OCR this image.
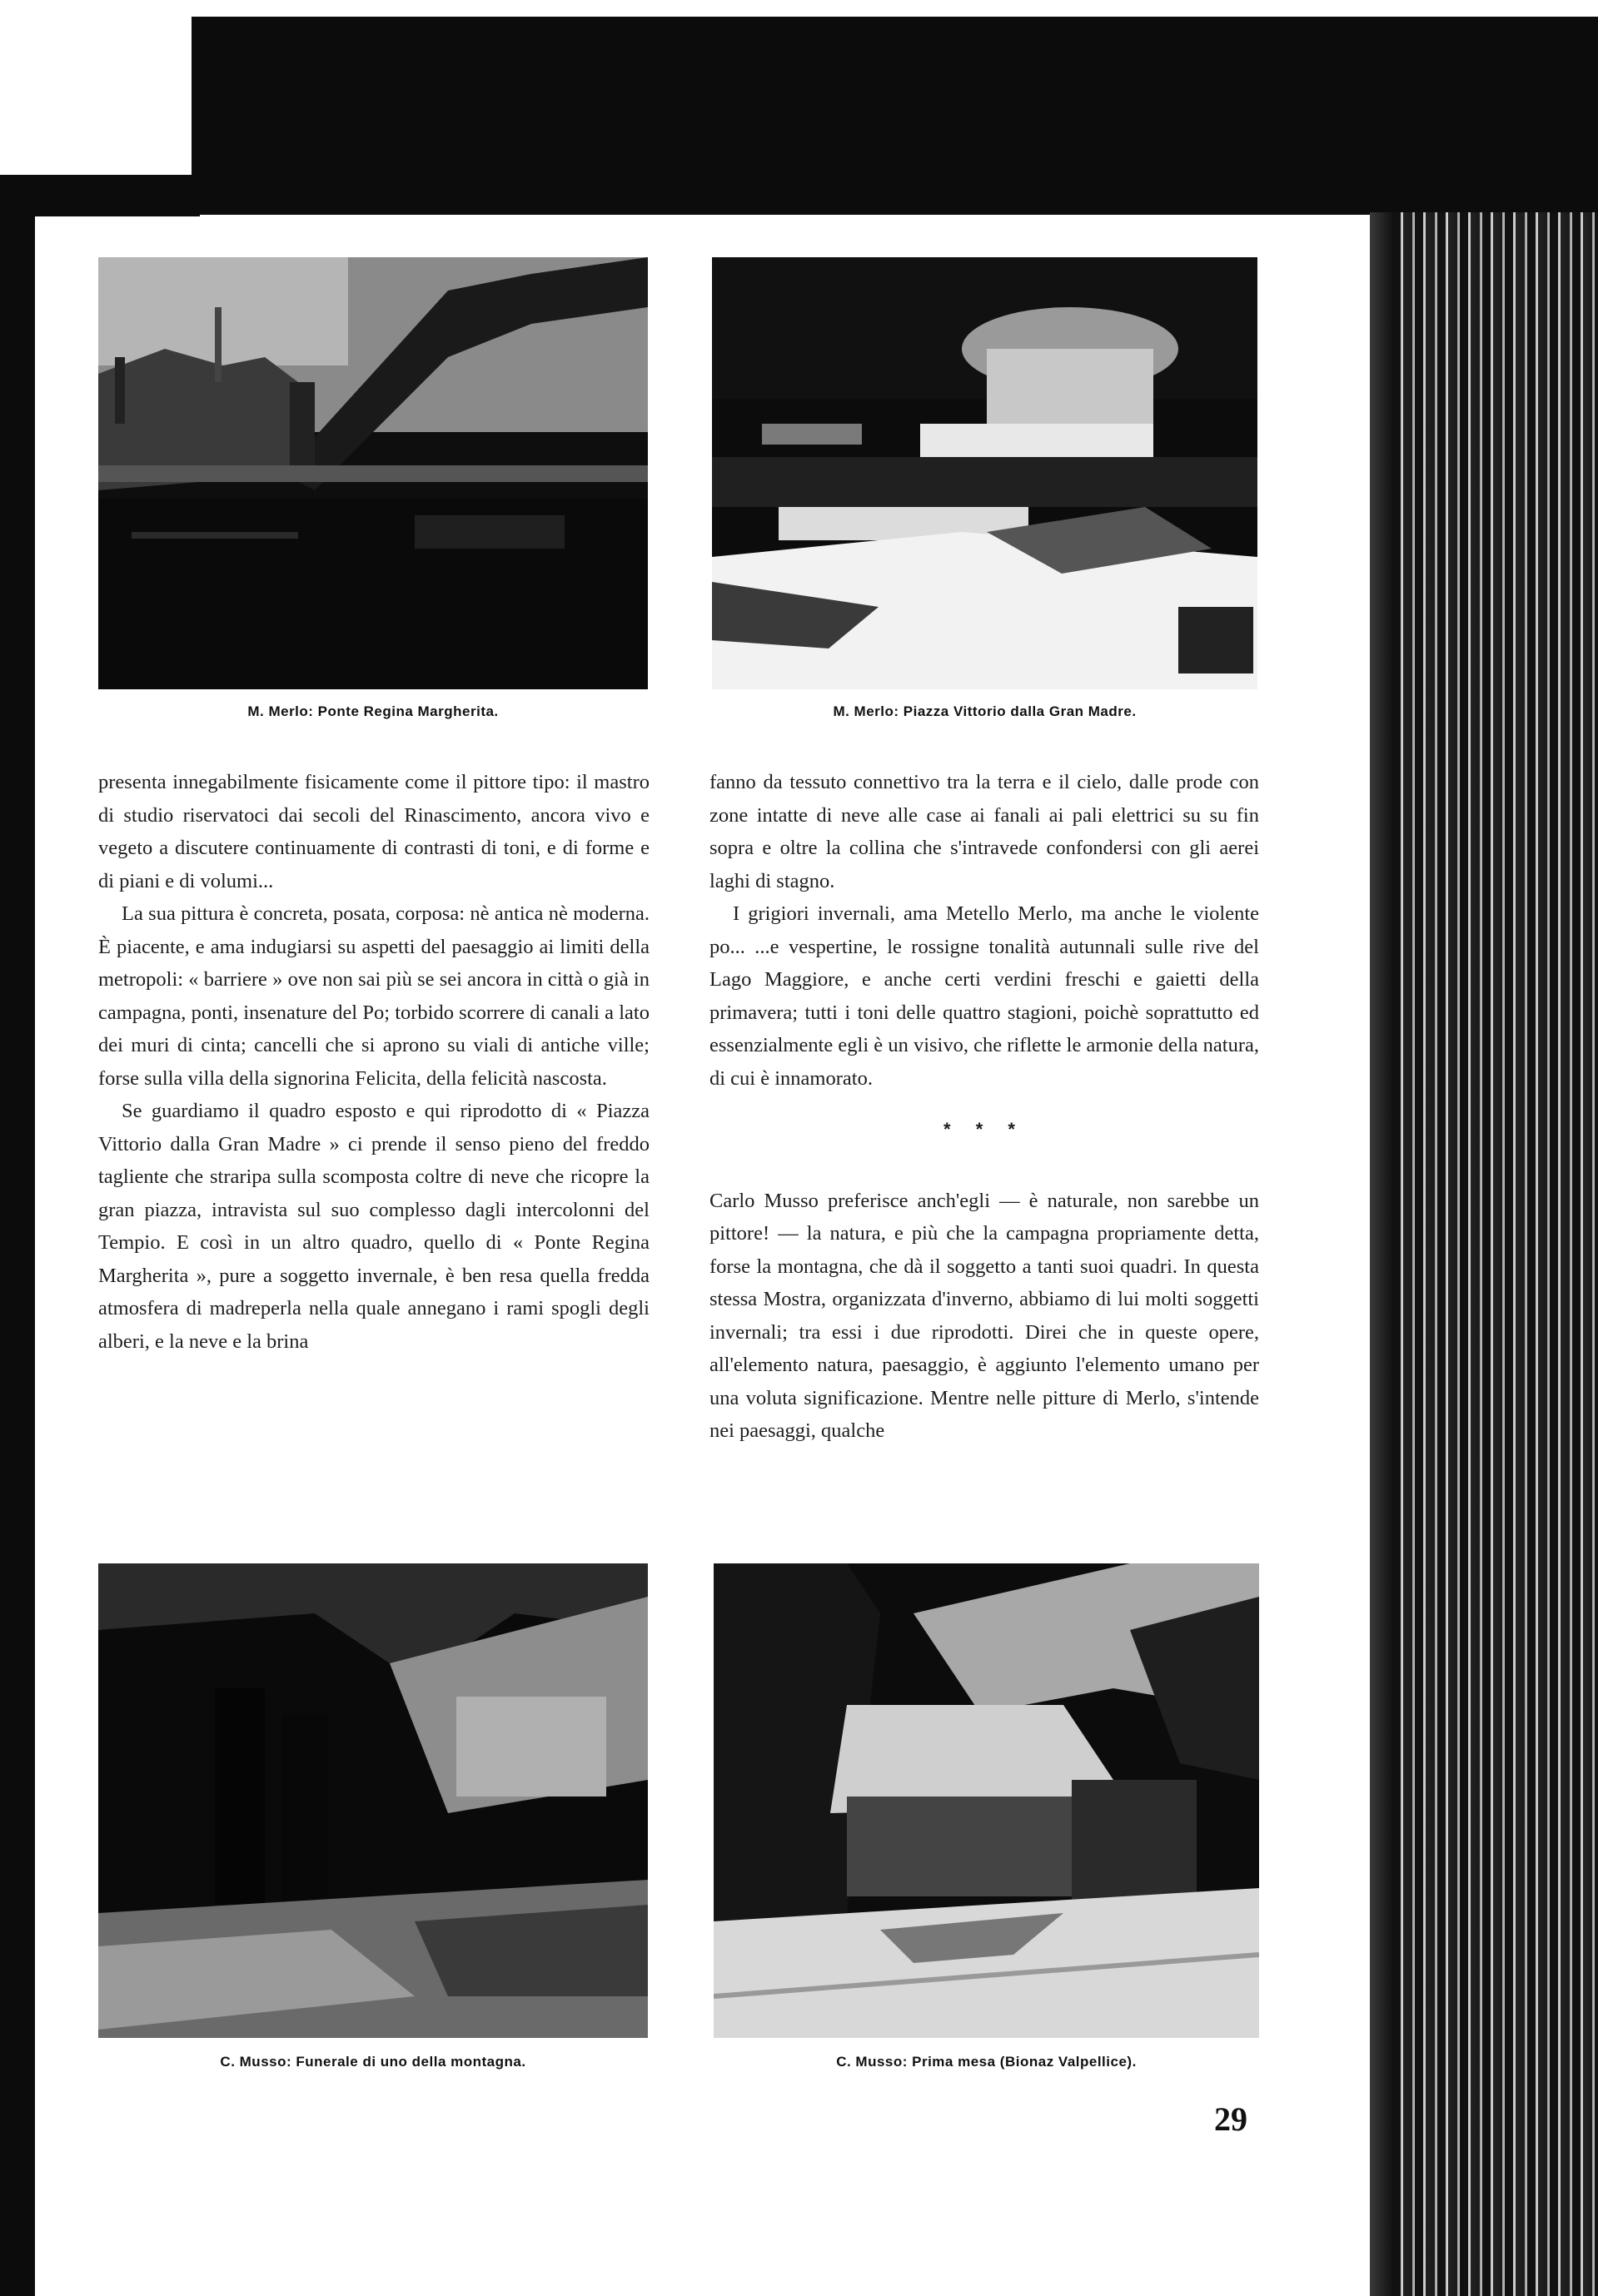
M. Merlo: Ponte Regina Margherita.	M. Merlo: Piazza Vittorio dalla Gran Madre.

presenta innegabilmente fisicamente come il pittore tipo: il mastro di studio riservatoci dai secoli del Rinascimento, ancora vivo e vegeto a discutere continuamente di contrasti di toni, e di forme e di piani e di volumi...

La sua pittura è concreta, posata, corposa: nè antica nè moderna. È piacente, e ama indugiarsi su aspetti del paesaggio ai limiti della metropoli: « barriere » ove non sai più se sei ancora in città o già in campagna, ponti, insenature del Po; torbido scorrere di canali a lato dei muri di cinta; cancelli che si aprono su viali di antiche ville; forse sulla villa della signorina Felicita, della felicità nascosta.

Se guardiamo il quadro esposto e qui riprodotto di « Piazza Vittorio dalla Gran Madre » ci prende il senso pieno del freddo tagliente che straripa sulla scomposta coltre di neve che ricopre la gran piazza, intravista sul suo complesso dagli intercolonni del Tempio. E così in un altro quadro, quello di « Ponte Regina Margherita », pure a soggetto invernale, è ben resa quella fredda atmosfera di madreperla nella quale annegano i rami spogli degli alberi, e la neve e la brina

fanno da tessuto connettivo tra la terra e il cielo, dalle prode con zone intatte di neve alle case ai fanali ai pali elettrici su su fin sopra e oltre la collina che s'intravede confondersi con gli aerei laghi di stagno.

I grigiori invernali, ama Metello Merlo, ma anche le violente po... ...e vespertine, le rossigne tonalità autunnali sulle rive del Lago Maggiore, e anche certi verdini freschi e gaietti della primavera; tutti i toni delle quattro stagioni, poichè soprattutto ed essenzialmente egli è un visivo, che riflette le armonie della natura, di cui è innamorato.

* * *

Carlo Musso preferisce anch'egli — è naturale, non sarebbe un pittore! — la natura, e più che la campagna propriamente detta, forse la montagna, che dà il soggetto a tanti suoi quadri. In questa stessa Mostra, organizzata d'inverno, abbiamo di lui molti soggetti invernali; tra essi i due riprodotti. Direi che in queste opere, all'elemento natura, paesaggio, è aggiunto l'elemento umano per una voluta significazione. Mentre nelle pitture di Merlo, s'intende nei paesaggi, qualche

C. Musso: Funerale di uno della montagna.	C. Musso: Prima mesa (Bionaz Valpellice).
29
